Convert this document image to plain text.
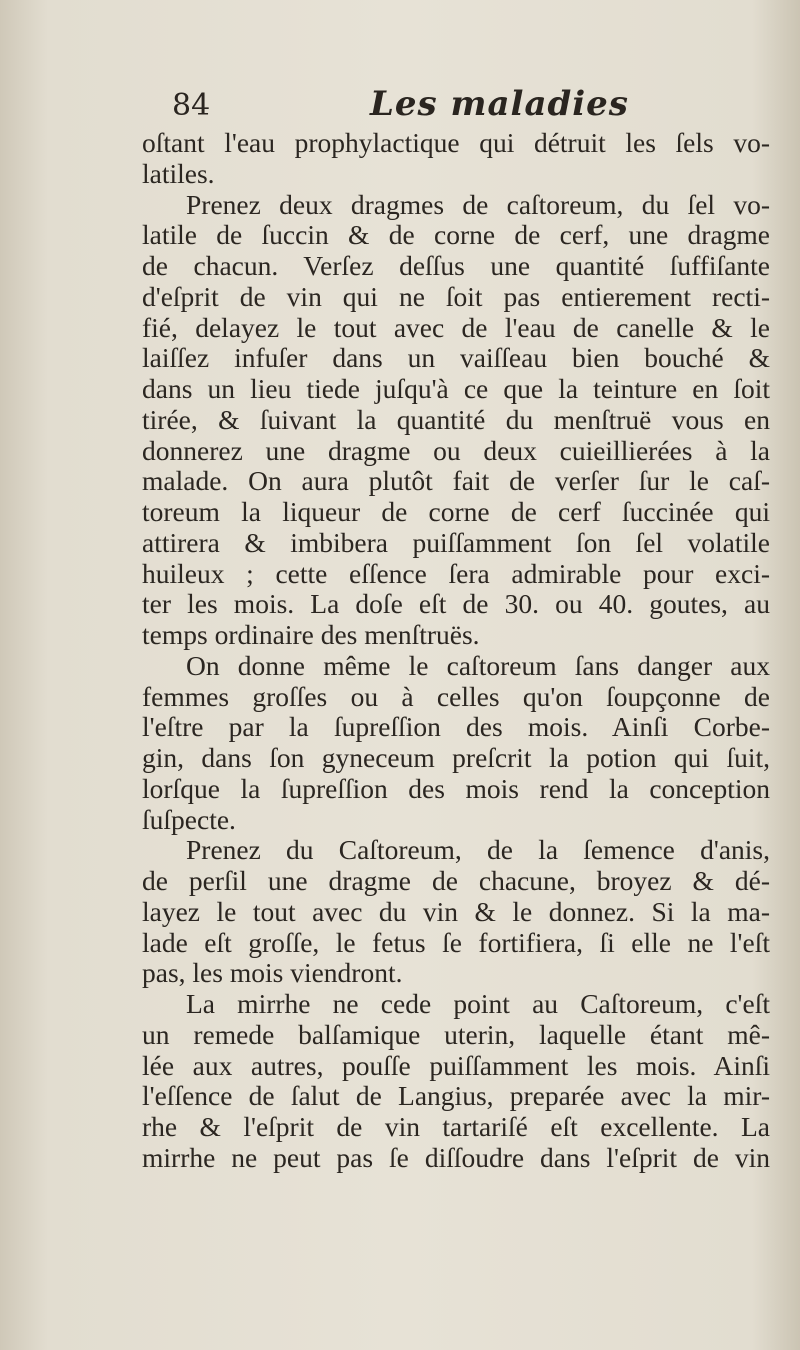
84	Les maladies
oſtant l'eau prophylactique qui détruit les ſels vo-
latiles.
Prenez deux dragmes de caſtoreum, du ſel vo-
latile de ſuccin & de corne de cerf, une dragme
de chacun. Verſez deſſus une quantité ſuffiſante
d'eſprit de vin qui ne ſoit pas entierement recti-
fié, delayez le tout avec de l'eau de canelle & le
laiſſez infuſer dans un vaiſſeau bien bouché &
dans un lieu tiede juſqu'à ce que la teinture en ſoit
tirée, & ſuivant la quantité du menſtruë vous en
donnerez une dragme ou deux cuieillierées à la
malade. On aura plutôt fait de verſer ſur le caſ-
toreum la liqueur de corne de cerf ſuccinée qui
attirera & imbibera puiſſamment ſon ſel volatile
huileux ; cette eſſence ſera admirable pour exci-
ter les mois. La doſe eſt de 30. ou 40. goutes, au
temps ordinaire des menſtruës.
On donne même le caſtoreum ſans danger aux
femmes groſſes ou à celles qu'on ſoupçonne de
l'eſtre par la ſupreſſion des mois. Ainſi Corbe-
gin, dans ſon gyneceum preſcrit la potion qui ſuit,
lorſque la ſupreſſion des mois rend la conception
ſuſpecte.
Prenez du Caſtoreum, de la ſemence d'anis,
de perſil une dragme de chacune, broyez & dé-
layez le tout avec du vin & le donnez. Si la ma-
lade eſt groſſe, le fetus ſe fortifiera, ſi elle ne l'eſt
pas, les mois viendront.
La mirrhe ne cede point au Caſtoreum, c'eſt
un remede balſamique uterin, laquelle étant mê-
lée aux autres, pouſſe puiſſamment les mois. Ainſi
l'eſſence de ſalut de Langius, preparée avec la mir-
rhe & l'eſprit de vin tartariſé eſt excellente. La
mirrhe ne peut pas ſe diſſoudre dans l'eſprit de vin
